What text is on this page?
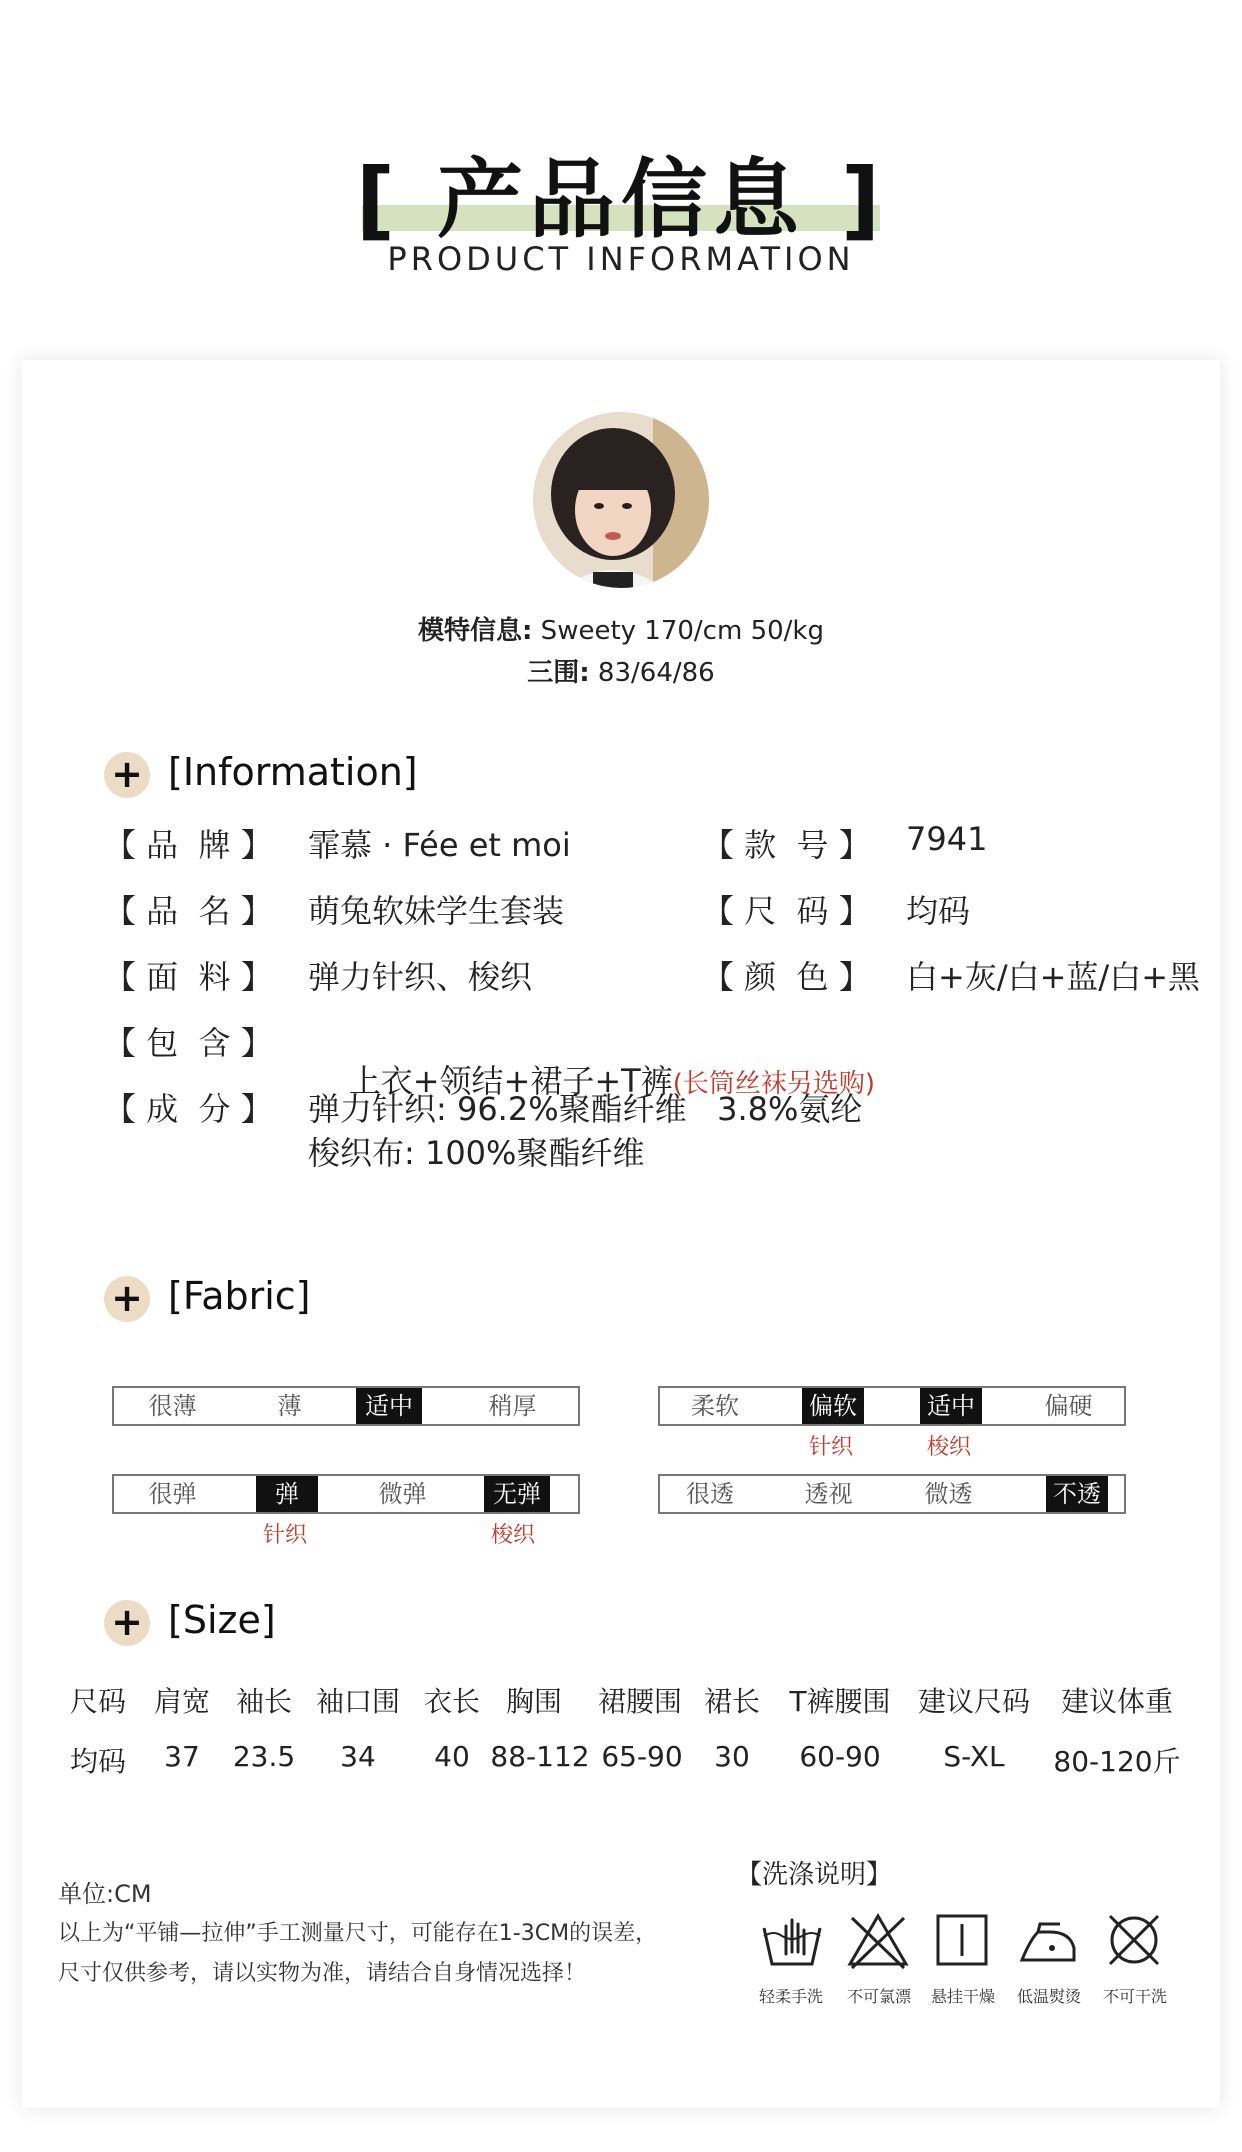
[ 产品信息 ]
PRODUCT INFORMATION
模特信息: Sweety 170/cm 50/kg
三围: 83/64/86
+ [Information]
【 品  牌 】 霏慕 · Fée et moi	【 款  号 】 7941
【 品  名 】 萌兔软妹学生套装	【 尺  码 】 均码
【 面  料 】 弹力针织、梭织	【 颜  色 】 白+灰/白+蓝/白+黑
【 包  含 】

上衣+领结+裙子+T裤(长筒丝袜另选购)

【 成  分 】 弹力针织: 96.2%聚酯纤维   3.8%氨纶
梭织布: 100%聚酯纤维
+ [Fabric]
很薄	薄	适中	稍厚	柔软	偏软	适中	偏硬
针织	梭织
很弹	弹	微弹	无弹
针织	梭织
很透	透视	微透	不透
+ [Size]
尺码 肩宽 袖长 袖口围 衣长 胸围	裙腰围 裙长	T裤腰围 建议尺码	建议体重
均码	37	23.5	34	40 88-112 65-90	30	60-90	S-XL	80-120斤
单位:CM
以上为“平铺—拉伸”手工测量尺寸，可能存在1-3CM的误差，
尺寸仅供参考，请以实物为准，请结合自身情况选择！
【洗涤说明】
轻柔手洗	不可氯漂	悬挂干燥	低温熨烫	不可干洗
